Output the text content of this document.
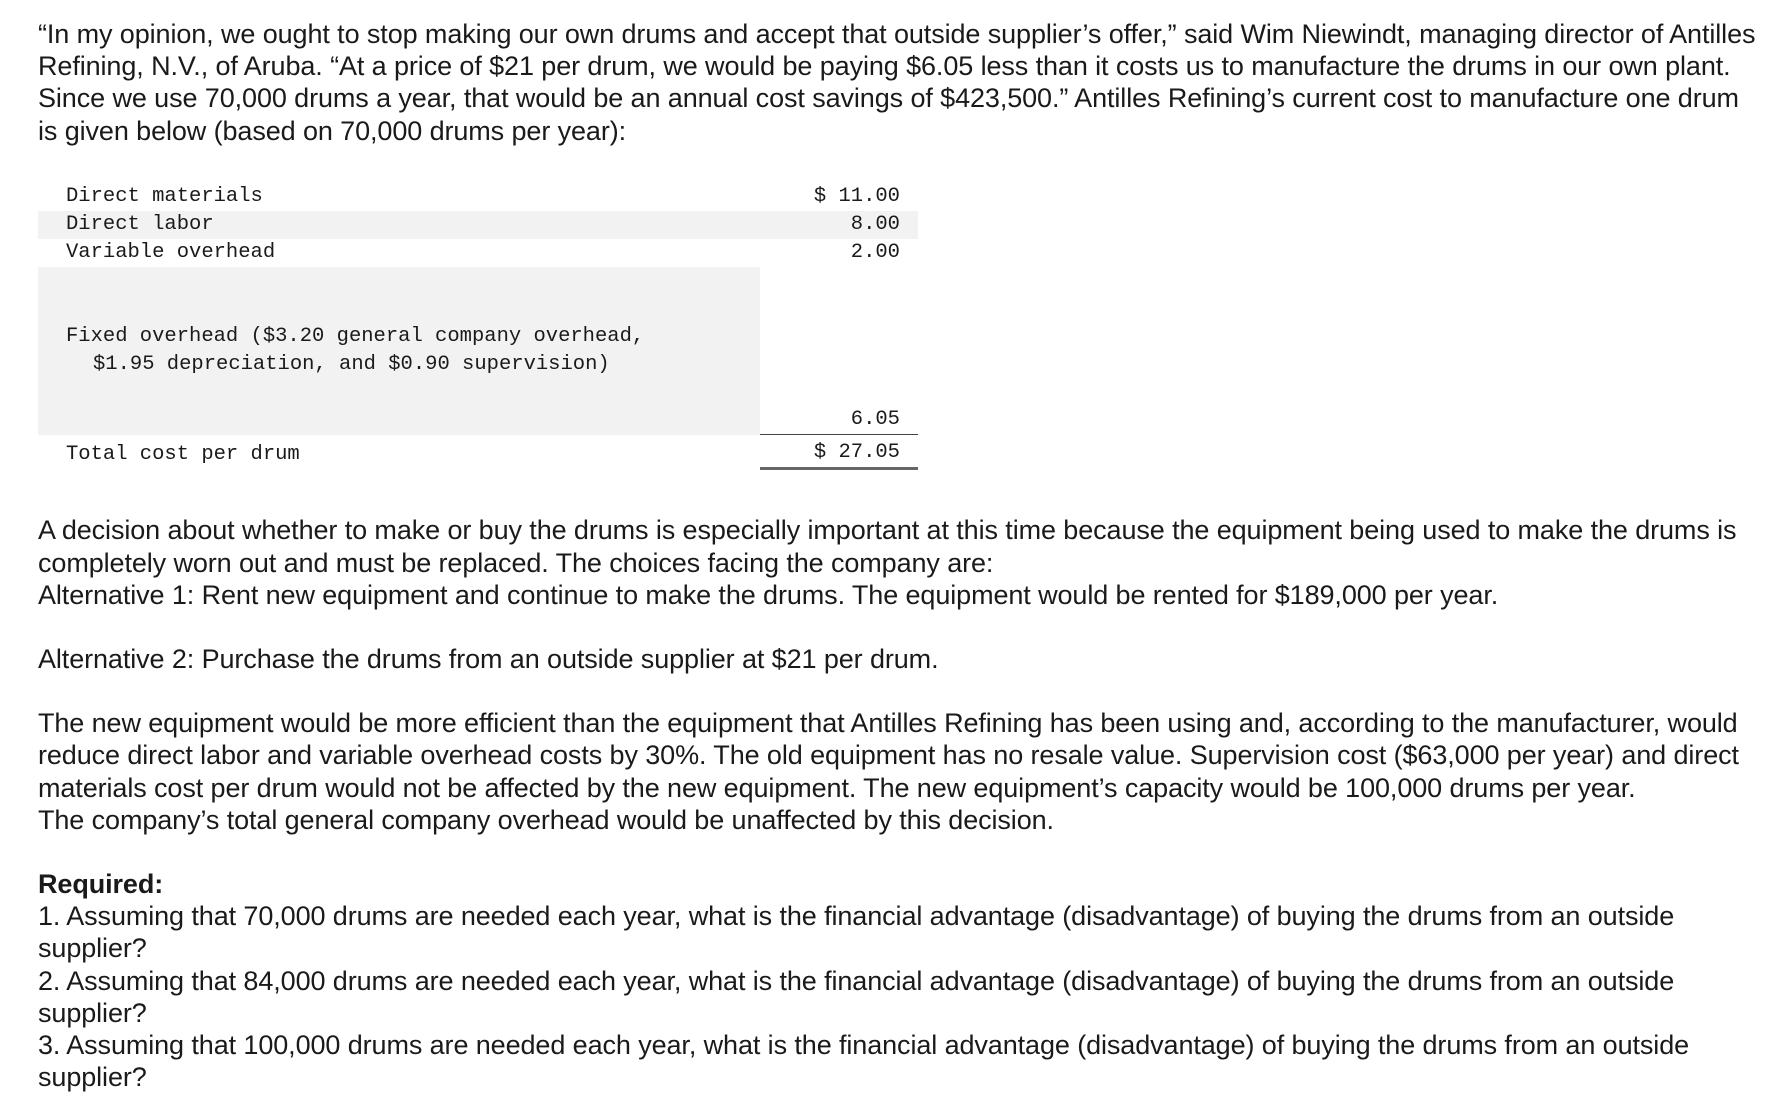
“In my opinion, we ought to stop making our own drums and accept that outside supplier’s offer,” said Wim Niewindt, managing director of Antilles Refining, N.V., of Aruba. “At a price of $21 per drum, we would be paying $6.05 less than it costs us to manufacture the drums in our own plant. Since we use 70,000 drums a year, that would be an annual cost savings of $423,500.” Antilles Refining’s current cost to manufacture one drum is given below (based on 70,000 drums per year):

Direct materials	$ 11.00
Direct labor	8.00
Variable overhead	2.00

Fixed overhead ($3.20 general company overhead,
$1.95 depreciation, and $0.90 supervision)	6.05
Total cost per drum	$ 27.05

A decision about whether to make or buy the drums is especially important at this time because the equipment being used to make the drums is completely worn out and must be replaced. The choices facing the company are:

Alternative 1: Rent new equipment and continue to make the drums. The equipment would be rented for $189,000 per year.

Alternative 2: Purchase the drums from an outside supplier at $21 per drum.

The new equipment would be more efficient than the equipment that Antilles Refining has been using and, according to the manufacturer, would reduce direct labor and variable overhead costs by 30%. The old equipment has no resale value. Supervision cost ($63,000 per year) and direct materials cost per drum would not be affected by the new equipment. The new equipment’s capacity would be 100,000 drums per year.

The company’s total general company overhead would be unaffected by this decision.

Required:

1. Assuming that 70,000 drums are needed each year, what is the financial advantage (disadvantage) of buying the drums from an outside supplier?

2. Assuming that 84,000 drums are needed each year, what is the financial advantage (disadvantage) of buying the drums from an outside supplier?

3. Assuming that 100,000 drums are needed each year, what is the financial advantage (disadvantage) of buying the drums from an outside supplier?
